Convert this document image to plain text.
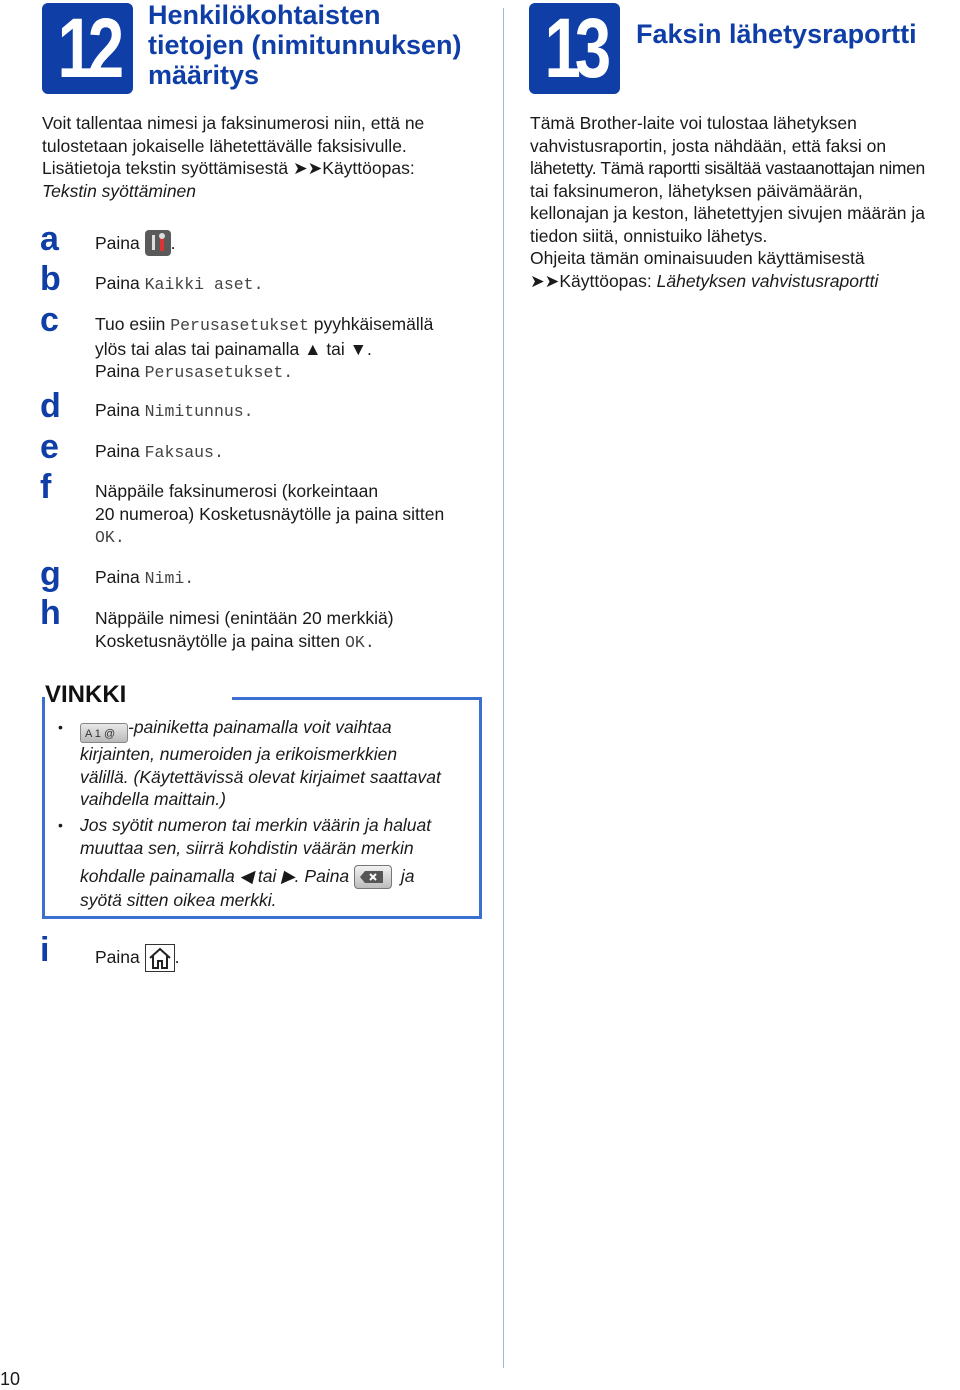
12	Henkilökohtaisten
tietojen (nimitunnuksen)
määritys
Voit tallentaa nimesi ja faksinumerosi niin, että ne
tulostetaan jokaiselle lähetettävälle faksisivulle.
Lisätietoja tekstin syöttämisestä ➤➤Käyttöopas:
Tekstin syöttäminen
a Paina .
b Paina Kaikki aset.
c Tuo esiin Perusasetukset pyyhkäisemällä
ylös tai alas tai painamalla ▲ tai ▼.
Paina Perusasetukset.
d Paina Nimitunnus.
e Paina Faksaus.
f Näppäile faksinumerosi (korkeintaan
20 numeroa) Kosketusnäytölle ja paina sitten
OK.
g Paina Nimi.
h Näppäile nimesi (enintään 20 merkkiä)
Kosketusnäytölle ja paina sitten OK.
VINKKI
•	A 1 @ -painiketta painamalla voit vaihtaa
kirjainten, numeroiden ja erikoismerkkien
välillä. (Käytettävissä olevat kirjaimet saattavat
vaihdella maittain.)
• Jos syötit numeron tai merkin väärin ja haluat
muuttaa sen, siirrä kohdistin väärän merkin
kohdalle painamalla ◀ tai ▶. Paina	ja
syötä sitten oikea merkki.
i	Paina .
10
13	Faksin lähetysraportti
Tämä Brother-laite voi tulostaa lähetyksen
vahvistusraportin, josta nähdään, että faksi on
lähetetty. Tämä raportti sisältää vastaanottajan nimen
tai faksinumeron, lähetyksen päivämäärän,
kellonajan ja keston, lähetettyjen sivujen määrän ja
tiedon siitä, onnistuiko lähetys.
Ohjeita tämän ominaisuuden käyttämisestä
➤➤Käyttöopas: Lähetyksen vahvistusraportti
